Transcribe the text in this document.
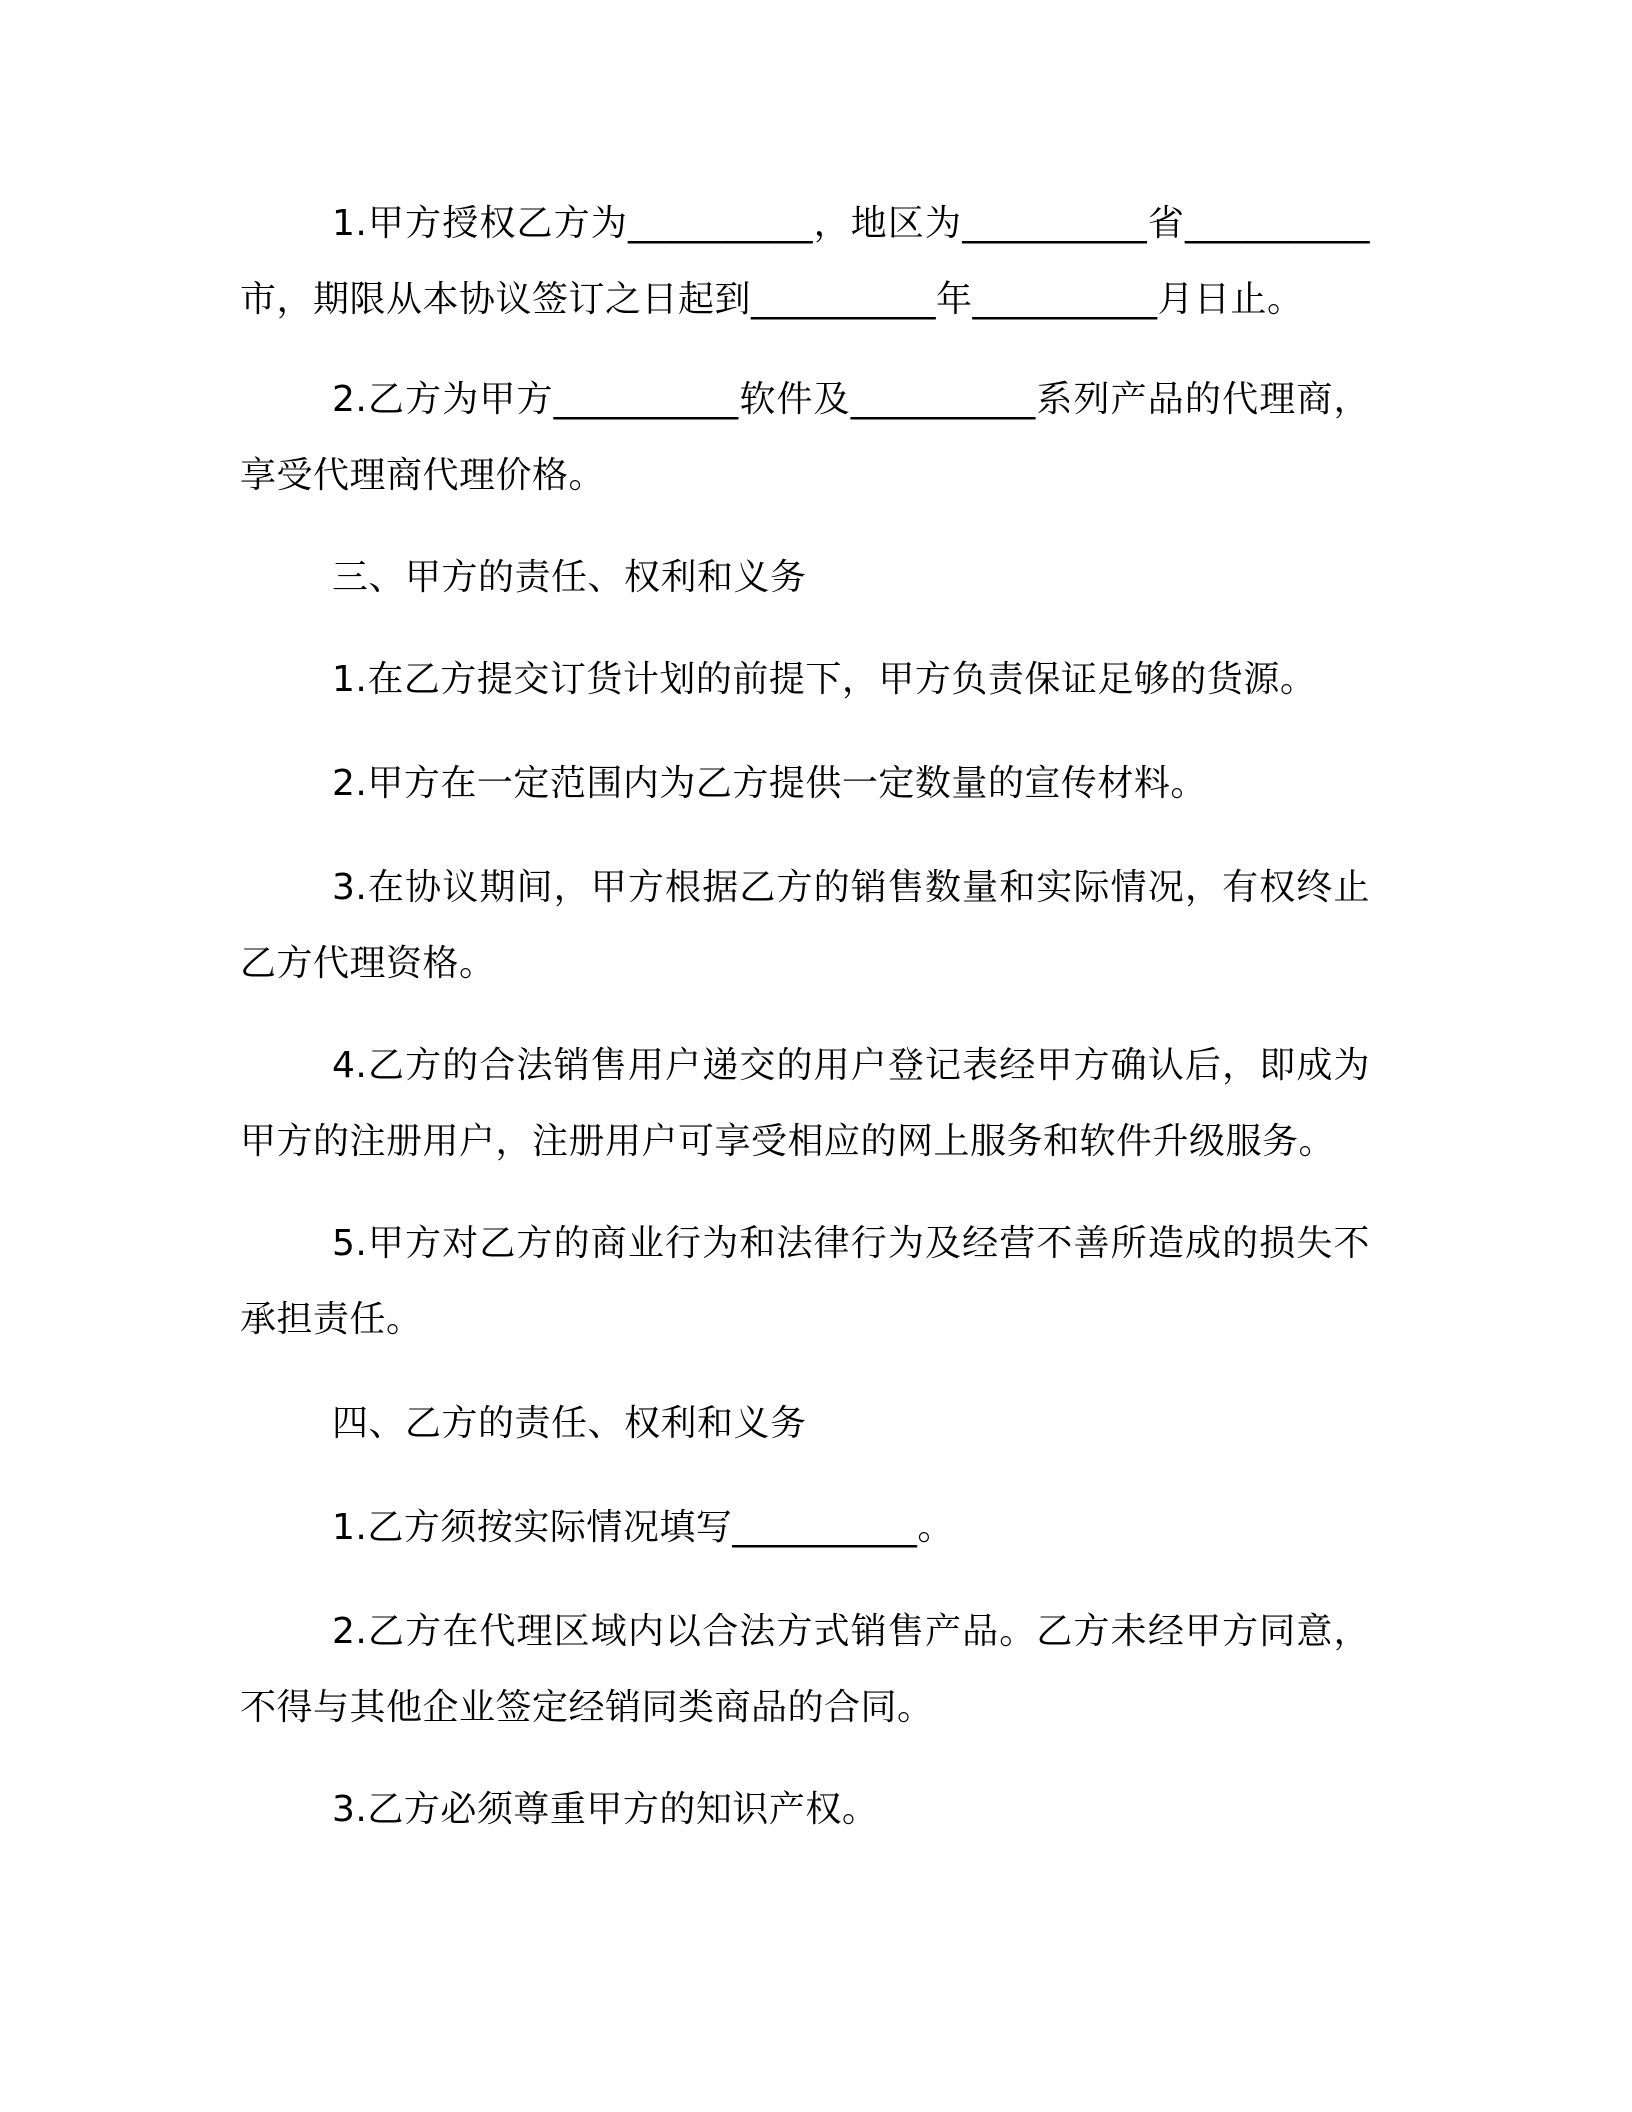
1.甲方授权乙方为__________，地区为__________省__________市，期限从本协议签订之日起到__________年__________月日止。

2.乙方为甲方__________软件及__________系列产品的代理商，享受代理商代理价格。

三、甲方的责任、权利和义务

1.在乙方提交订货计划的前提下，甲方负责保证足够的货源。

2.甲方在一定范围内为乙方提供一定数量的宣传材料。

3.在协议期间，甲方根据乙方的销售数量和实际情况，有权终止乙方代理资格。

4.乙方的合法销售用户递交的用户登记表经甲方确认后，即成为甲方的注册用户，注册用户可享受相应的网上服务和软件升级服务。

5.甲方对乙方的商业行为和法律行为及经营不善所造成的损失不承担责任。

四、乙方的责任、权利和义务

1.乙方须按实际情况填写__________。

2.乙方在代理区域内以合法方式销售产品。乙方未经甲方同意，不得与其他企业签定经销同类商品的合同。

3.乙方必须尊重甲方的知识产权。
